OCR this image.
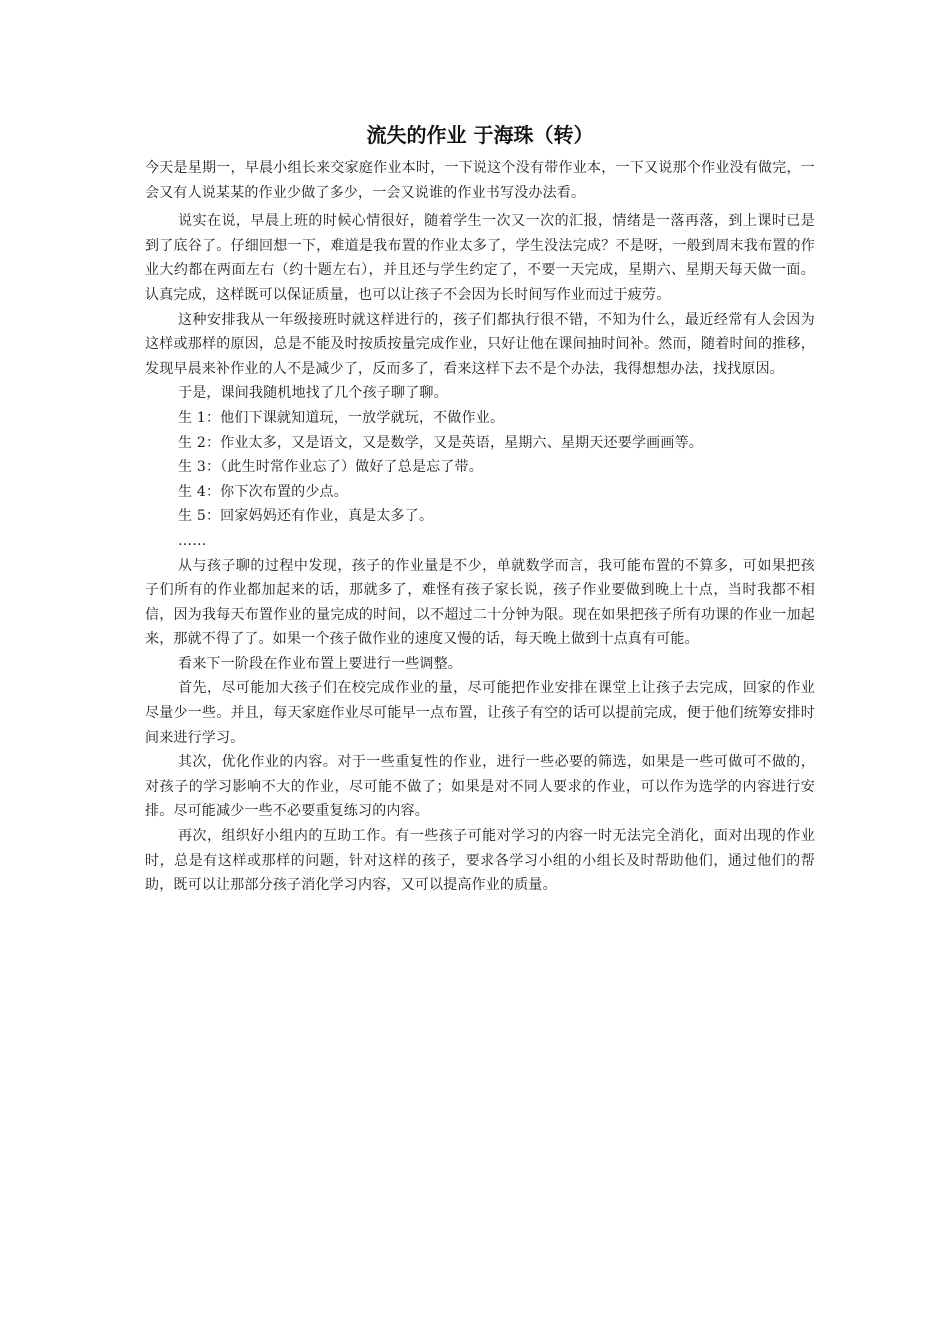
流失的作业 于海珠（转）

今天是星期一，早晨小组长来交家庭作业本时，一下说这个没有带作业本，一下又说那个作业没有做完，一会又有人说某某的作业少做了多少，一会又说谁的作业书写没办法看。

说实在说，早晨上班的时候心情很好，随着学生一次又一次的汇报，情绪是一落再落，到上课时已是到了底谷了。仔细回想一下，难道是我布置的作业太多了，学生没法完成？不是呀，一般到周末我布置的作业大约都在两面左右（约十题左右），并且还与学生约定了，不要一天完成，星期六、星期天每天做一面。认真完成，这样既可以保证质量，也可以让孩子不会因为长时间写作业而过于疲劳。

这种安排我从一年级接班时就这样进行的，孩子们都执行很不错，不知为什么，最近经常有人会因为这样或那样的原因，总是不能及时按质按量完成作业，只好让他在课间抽时间补。然而，随着时间的推移，发现早晨来补作业的人不是减少了，反而多了，看来这样下去不是个办法，我得想想办法，找找原因。

于是，课间我随机地找了几个孩子聊了聊。

生 1：他们下课就知道玩，一放学就玩，不做作业。

生 2：作业太多，又是语文，又是数学，又是英语，星期六、星期天还要学画画等。

生 3：（此生时常作业忘了）做好了总是忘了带。

生 4：你下次布置的少点。

生 5：回家妈妈还有作业，真是太多了。

……

从与孩子聊的过程中发现，孩子的作业量是不少，单就数学而言，我可能布置的不算多，可如果把孩子们所有的作业都加起来的话，那就多了，难怪有孩子家长说，孩子作业要做到晚上十点，当时我都不相信，因为我每天布置作业的量完成的时间，以不超过二十分钟为限。现在如果把孩子所有功课的作业一加起来，那就不得了了。如果一个孩子做作业的速度又慢的话，每天晚上做到十点真有可能。

看来下一阶段在作业布置上要进行一些调整。

首先，尽可能加大孩子们在校完成作业的量，尽可能把作业安排在课堂上让孩子去完成，回家的作业尽量少一些。并且，每天家庭作业尽可能早一点布置，让孩子有空的话可以提前完成，便于他们统筹安排时间来进行学习。

其次，优化作业的内容。对于一些重复性的作业，进行一些必要的筛选，如果是一些可做可不做的，对孩子的学习影响不大的作业，尽可能不做了；如果是对不同人要求的作业，可以作为选学的内容进行安排。尽可能减少一些不必要重复练习的内容。

再次，组织好小组内的互助工作。有一些孩子可能对学习的内容一时无法完全消化，面对出现的作业时，总是有这样或那样的问题，针对这样的孩子，要求各学习小组的小组长及时帮助他们，通过他们的帮助，既可以让那部分孩子消化学习内容，又可以提高作业的质量。
